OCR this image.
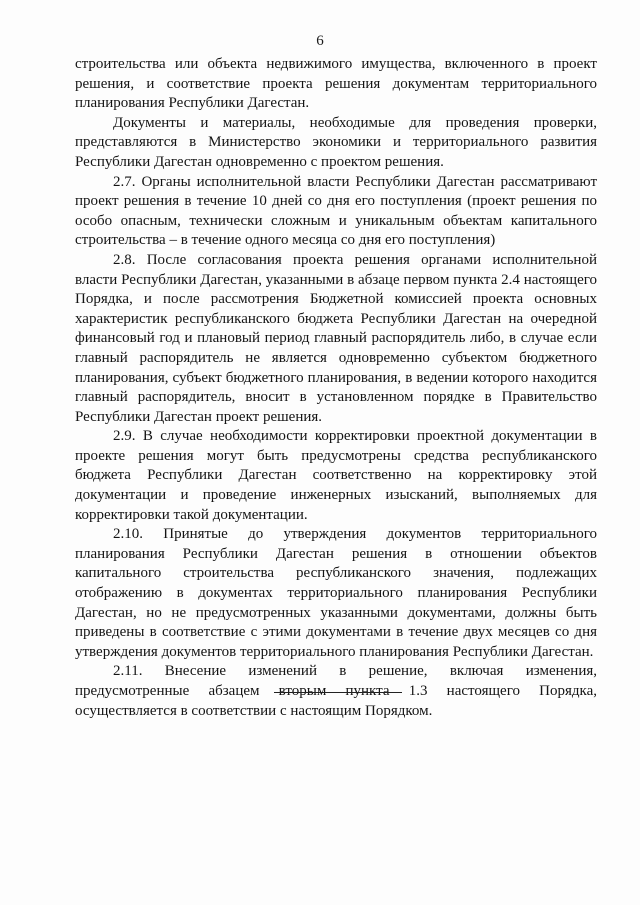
6

строительства или объекта недвижимого имущества, включенного в проект решения, и соответствие проекта решения документам территориального планирования Республики Дагестан.

Документы и материалы, необходимые для проведения проверки, представляются в Министерство экономики и территориального развития Республики Дагестан одновременно с проектом решения.

2.7. Органы исполнительной власти Республики Дагестан рассматривают проект решения в течение 10 дней со дня его поступления (проект решения по особо опасным, технически сложным и уникальным объектам капитального строительства – в течение одного месяца со дня его поступления)

2.8. После согласования проекта решения органами исполнительной власти Республики Дагестан, указанными в абзаце первом пункта 2.4 настоящего Порядка, и после рассмотрения Бюджетной комиссией проекта основных характеристик республиканского бюджета Республики Дагестан на очередной финансовый год и плановый период главный распорядитель либо, в случае если главный распорядитель не является одновременно субъектом бюджетного планирования, субъект бюджетного планирования, в ведении которого находится главный распорядитель, вносит в установленном порядке в Правительство Республики Дагестан проект решения.

2.9. В случае необходимости корректировки проектной документации в проекте решения могут быть предусмотрены средства республиканского бюджета Республики Дагестан соответственно на корректировку этой документации и проведение инженерных изысканий, выполняемых для корректировки такой документации.

2.10. Принятые до утверждения документов территориального планирования Республики Дагестан решения в отношении объектов капитального строительства республиканского значения, подлежащих отображению в документах территориального планирования Республики Дагестан, но не предусмотренных указанными документами, должны быть приведены в соответствие с этими документами в течение двух месяцев со дня утверждения документов территориального планирования Республики Дагестан.

2.11. Внесение изменений в решение, включая изменения, предусмотренные абзацем вторым пункта 1.3 настоящего Порядка, осуществляется в соответствии с настоящим Порядком.
